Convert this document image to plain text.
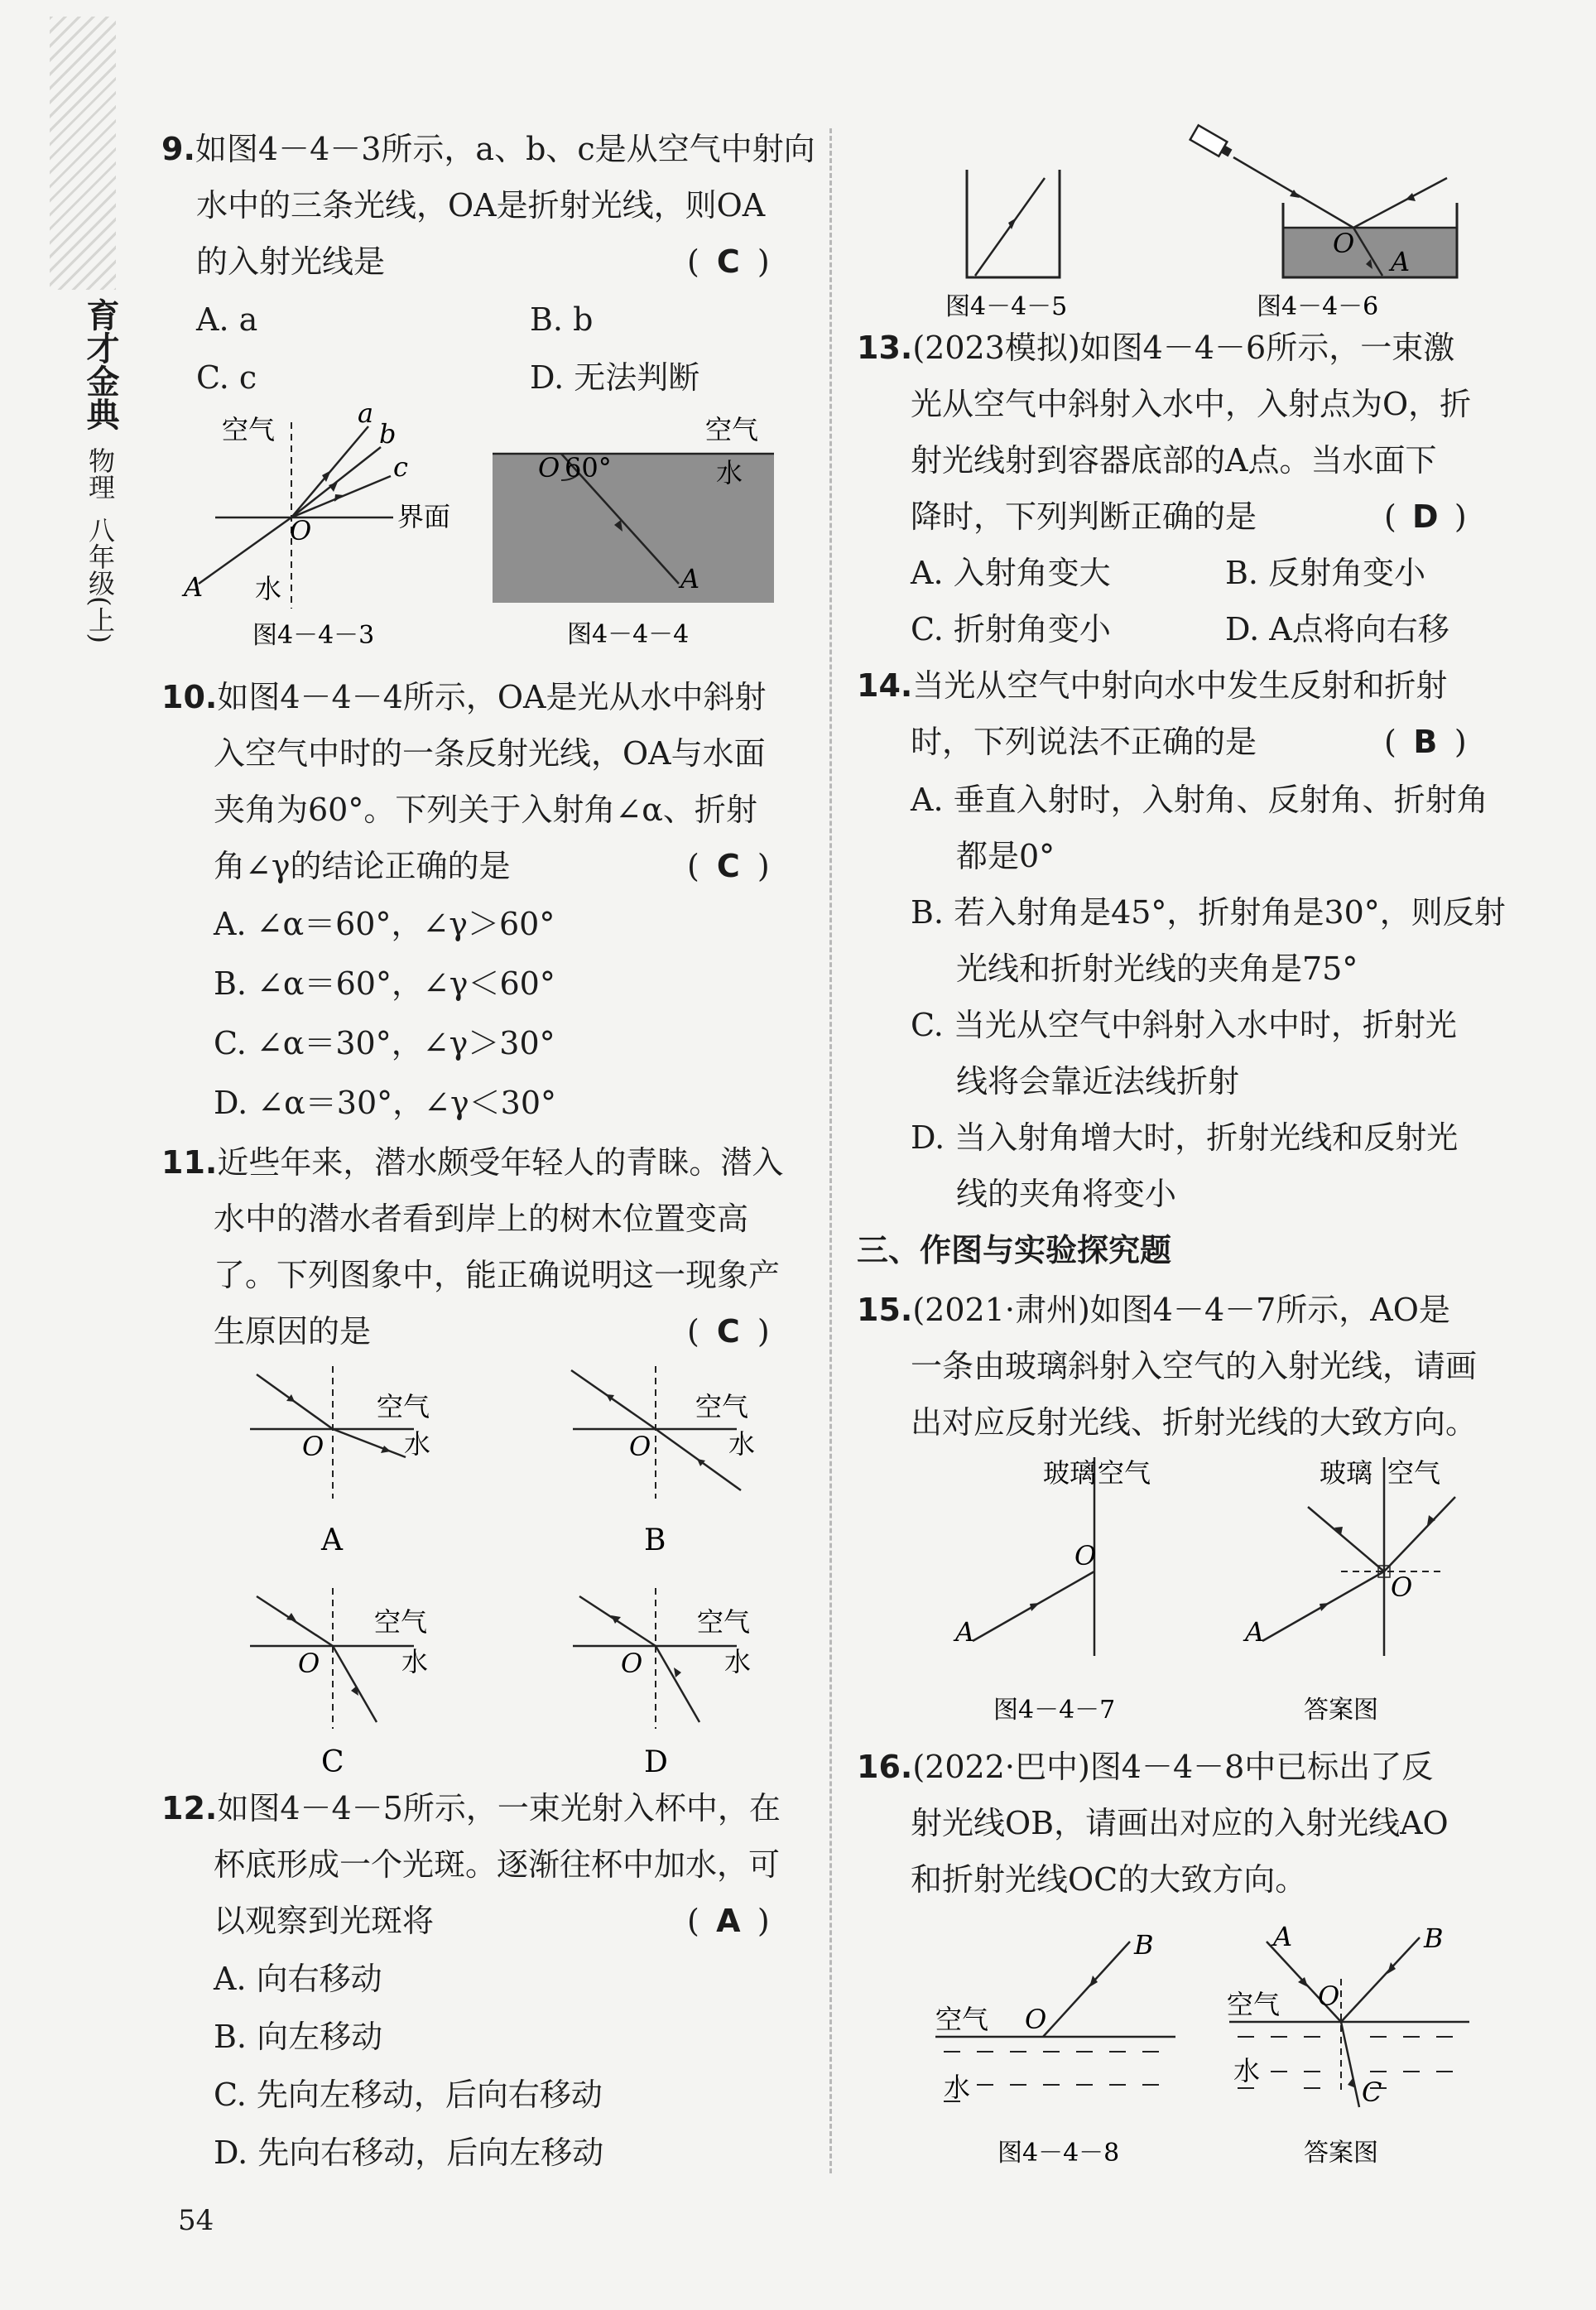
育才金典
物理
八年级(上)
54
9.如图4－4－3所示，a、b、c是从空气中射向
水中的三条光线，OA是折射光线，则OA
的入射光线是	( C )
A. a	B. b
C. c	D. 无法判断
空气
a
b
c
界面
O
A 水
图4－4－3
空气
水
O 60°
A
图4－4－4
10.如图4－4－4所示，OA是光从水中斜射
入空气中时的一条反射光线，OA与水面
夹角为60°。下列关于入射角∠α、折射
角∠γ的结论正确的是	( C )
A. ∠α＝60°，∠γ＞60°
B. ∠α＝60°，∠γ＜60°
C. ∠α＝30°，∠γ＞30°
D. ∠α＝30°，∠γ＜30°
11.近些年来，潜水颇受年轻人的青睐。潜入
水中的潜水者看到岸上的树木位置变高
了。下列图象中，能正确说明这一现象产
生原因的是	( C )
空气
水
O
A
空气
水
O
B
空气
水
O
C
空气
水
O
D
12.如图4－4－5所示，一束光射入杯中，在
杯底形成一个光斑。逐渐往杯中加水，可
以观察到光斑将	( A )
A. 向右移动
B. 向左移动
C. 先向左移动，后向右移动
D. 先向右移动，后向左移动
图4－4－5
O
A
图4－4－6
13.(2023模拟)如图4－4－6所示，一束激
光从空气中斜射入水中，入射点为O，折
射光线射到容器底部的A点。当水面下
降时，下列判断正确的是	( D )
A. 入射角变大	B. 反射角变小
C. 折射角变小	D. A点将向右移
14.当光从空气中射向水中发生反射和折射
时，下列说法不正确的是	( B )
A. 垂直入射时，入射角、反射角、折射角
都是0°
B. 若入射角是45°，折射角是30°，则反射
光线和折射光线的夹角是75°
C. 当光从空气中斜射入水中时，折射光
线将会靠近法线折射
D. 当入射角增大时，折射光线和反射光
线的夹角将变小
三、作图与实验探究题
15.(2021·肃州)如图4－4－7所示，AO是
一条由玻璃斜射入空气的入射光线，请画
出对应反射光线、折射光线的大致方向。
玻璃 空气
O
A
图4－4－7
玻璃 空气
O
A
答案图
16.(2022·巴中)图4－4－8中已标出了反
射光线OB，请画出对应的入射光线AO
和折射光线OC的大致方向。
空气 O
B
水
图4－4－8
A	B
O
空气
水
C
答案图
